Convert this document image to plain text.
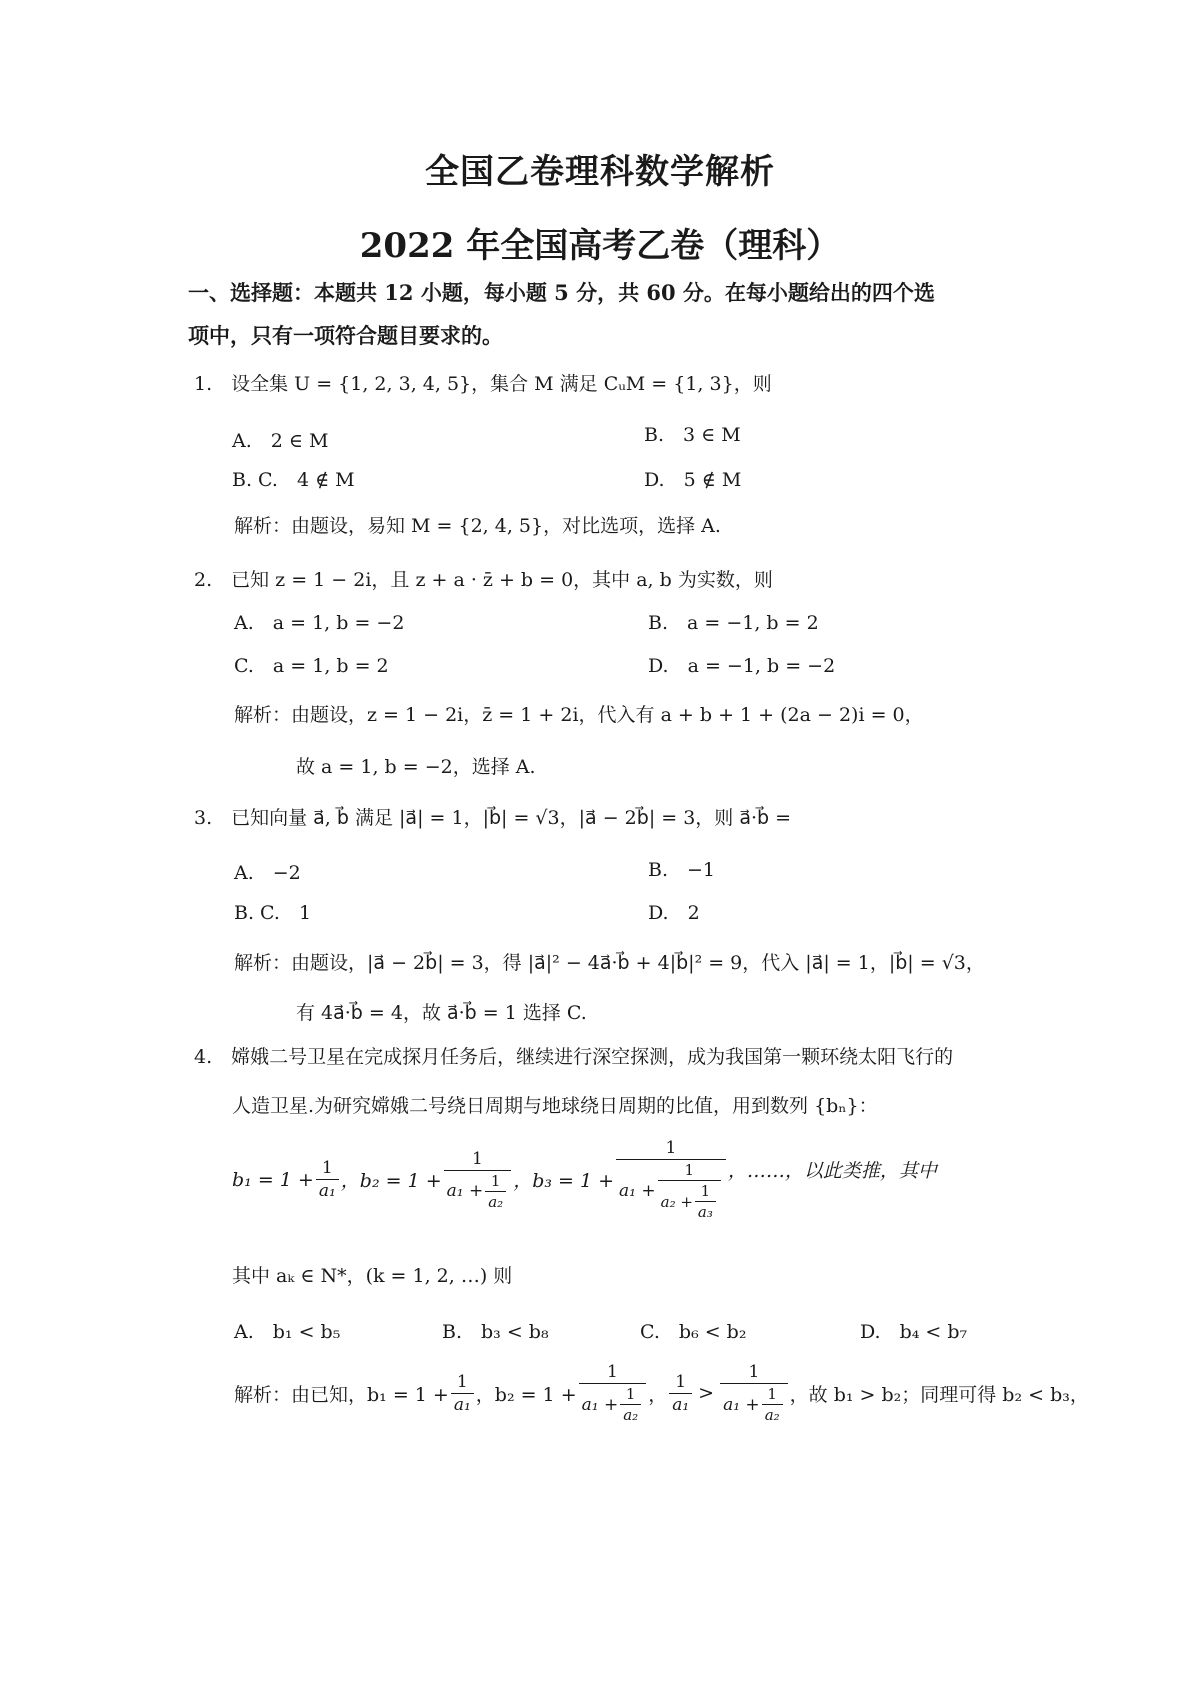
全国乙卷理科数学解析
2022 年全国高考乙卷（理科）
一、选择题：本题共 12 小题，每小题 5 分，共 60 分。在每小题给出的四个选
项中，只有一项符合题目要求的。
1.　设全集 U = {1, 2, 3, 4, 5}，集合 M 满足 CᵤM = {1, 3}，则
A.　2 ∈ M	B.　3 ∈ M
B. C.　4 ∉ M	D.　5 ∉ M
解析：由题设，易知 M = {2, 4, 5}，对比选项，选择 A.
2.　已知 z = 1 − 2i，且 z + a · z̄ + b = 0，其中 a, b 为实数，则
A.　a = 1, b = −2	B.　a = −1, b = 2
C.　a = 1, b = 2	D.　a = −1, b = −2
解析：由题设，z = 1 − 2i，z̄ = 1 + 2i，代入有 a + b + 1 + (2a − 2)i = 0，
故 a = 1, b = −2，选择 A.
3.　已知向量 a⃗, b⃗ 满足 |a⃗| = 1，|b⃗| = √3，|a⃗ − 2b⃗| = 3，则 a⃗·b⃗ =
A.　−2	B.　−1
B. C.　1	D.　2
解析：由题设，|a⃗ − 2b⃗| = 3，得 |a⃗|² − 4a⃗·b⃗ + 4|b⃗|² = 9，代入 |a⃗| = 1，|b⃗| = √3，
有 4a⃗·b⃗ = 4，故 a⃗·b⃗ = 1 选择 C.
4.　嫦娥二号卫星在完成探月任务后，继续进行深空探测，成为我国第一颗环绕太阳飞行的
人造卫星.为研究嫦娥二号绕日周期与地球绕日周期的比值，用到数列 {bₙ}：
$b_1 = 1 + \frac{1}{\text{a₁}}$ ，$b_2 = 1 + \frac{1}{a_1 + \frac{1}{\text{a₂}}}$ ，b₃ = 1 +
1
a₁ +
1
$a_2 + \frac{1}{\text{a₃}}$
，……，以此类推，其中
其中 aₖ ∈ N*，(k = 1, 2, …) 则
A.　b₁ < b₅	B.　b₃ < b₈	C.　b₆ < b₂	D.　b₄ < b₇
解析：由已知，$b_1 = 1 + \frac{1}{\text{a₁}}$ ，$b_2 = 1 + \frac{1}{a_1 + \frac{1}{\text{a₂}}}$ ， $\frac{1}{\text{a₁}} > \frac{1}{a_1 + \frac{1}{\text{a₂}}}$ ，故 b₁ > b₂；同理可得 b₂ < b₃，
